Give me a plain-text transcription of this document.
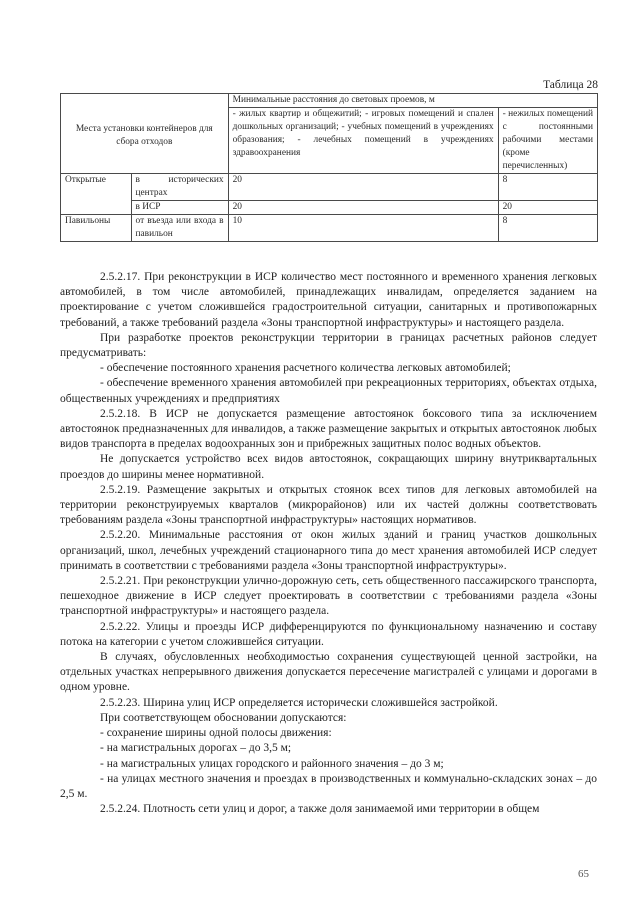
Таблица 28
Места установки контейнеров для сбора отходов		Минимальные расстояния до световых проемов, м	
		- жилых квартир и общежитий; - игровых помещений и спален дошкольных организаций; - учебных помещений в учреждениях образования; - лечебных помещений в учреждениях здравоохранения	- нежилых помещений с постоянными рабочими местами (кроме перечисленных)
Открытые	в исторических центрах	20	8
	в ИСР	20	20
Павильоны	от въезда или входа в павильон	10	8

2.5.2.17. При реконструкции в ИСР количество мест постоянного и временного хранения легковых автомобилей, в том числе автомобилей, принадлежащих инвалидам, определяется заданием на проектирование с учетом сложившейся градостроительной ситуации, санитарных и противопожарных требований, а также требований раздела «Зоны транспортной инфраструктуры» и настоящего раздела.

При разработке проектов реконструкции территории в границах расчетных районов следует предусматривать:

- обеспечение постоянного хранения расчетного количества легковых автомобилей;

- обеспечение временного хранения автомобилей при рекреационных территориях, объектах отдыха, общественных учреждениях и предприятиях

2.5.2.18. В ИСР не допускается размещение автостоянок боксового типа за исключением автостоянок предназначенных для инвалидов, а также размещение закрытых и открытых автостоянок любых видов транспорта в пределах водоохранных зон и прибрежных защитных полос водных объектов.

Не допускается устройство всех видов автостоянок, сокращающих ширину внутриквартальных проездов до ширины менее нормативной.

2.5.2.19. Размещение закрытых и открытых стоянок всех типов для легковых автомобилей на территории реконструируемых кварталов (микрорайонов) или их частей должны соответствовать требованиям раздела «Зоны транспортной инфраструктуры» настоящих нормативов.

2.5.2.20. Минимальные расстояния от окон жилых зданий и границ участков дошкольных организаций, школ, лечебных учреждений стационарного типа до мест хранения автомобилей ИСР следует принимать в соответствии с требованиями раздела «Зоны транспортной инфраструктуры».

2.5.2.21. При реконструкции улично-дорожную сеть, сеть общественного пассажирского транспорта, пешеходное движение в ИСР следует проектировать в соответствии с требованиями раздела «Зоны транспортной инфраструктуры» и настоящего раздела.

2.5.2.22. Улицы и проезды ИСР дифференцируются по функциональному назначению и составу потока на категории с учетом сложившейся ситуации.

В случаях, обусловленных необходимостью сохранения существующей ценной застройки, на отдельных участках непрерывного движения допускается пересечение магистралей с улицами и дорогами в одном уровне.

2.5.2.23. Ширина улиц ИСР определяется исторически сложившейся застройкой.

При соответствующем обосновании допускаются:

- сохранение ширины одной полосы движения:

- на магистральных дорогах – до 3,5 м;

- на магистральных улицах городского и районного значения – до 3 м;

- на улицах местного значения и проездах в производственных и коммунально-складских зонах – до 2,5 м.

2.5.2.24. Плотность сети улиц и дорог, а также доля занимаемой ими территории в общем

65
